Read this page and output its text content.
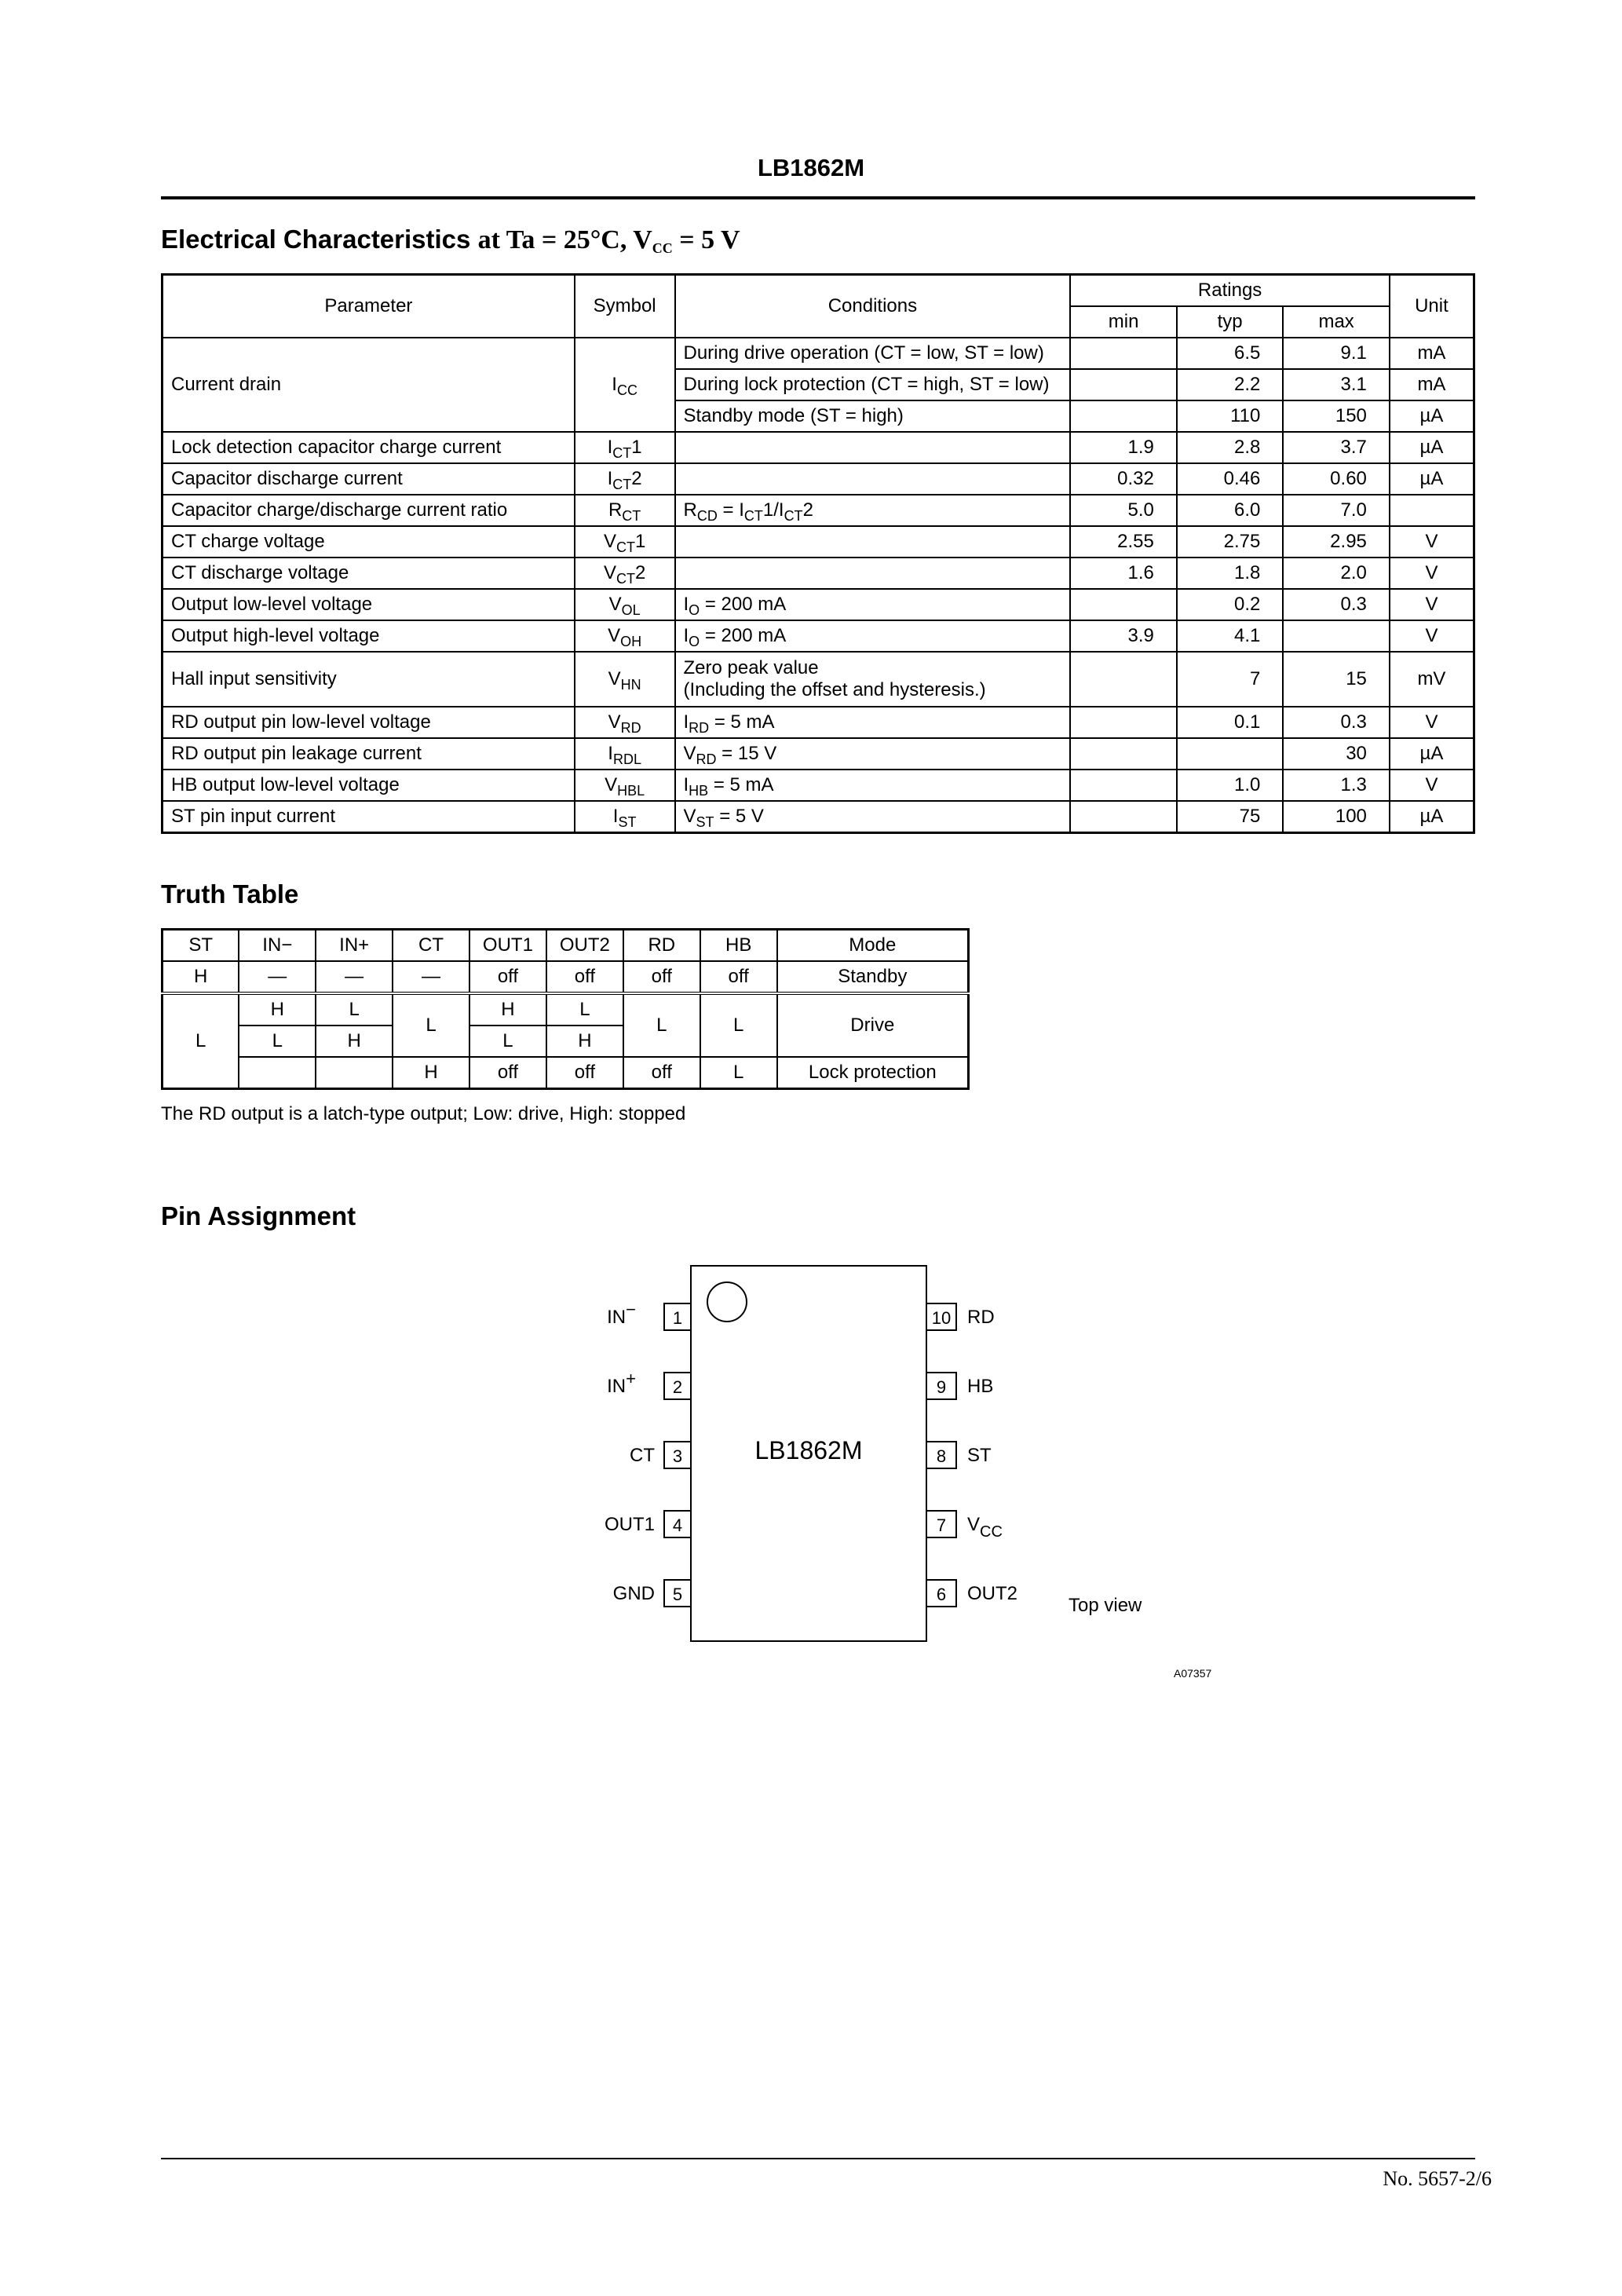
LB1862M
Electrical Characteristics at Ta = 25°C, $V_{CC} = 5$ V
Parameter	Symbol	Conditions	Ratings			Unit
			min	typ	max	
Current drain	$I_{CC}$	During drive operation (CT = low, ST = low)		6.5	9.1	mA
		During lock protection (CT = high, ST = low)		2.2	3.1	mA
		Standby mode (ST = high)		110	150	µA
Lock detection capacitor charge current	$I_{CT}1$		1.9	2.8	3.7	µA
Capacitor discharge current	$I_{CT}2$		0.32	0.46	0.60	µA
Capacitor charge/discharge current ratio	$R_{CT}$	$R_{CD} = I_{CT}1/I_{CT}2$	5.0	6.0	7.0	
CT charge voltage	$V_{CT}1$		2.55	2.75	2.95	V
CT discharge voltage	$V_{CT}2$		1.6	1.8	2.0	V
Output low-level voltage	$V_{OL}$	$I_O = 200$ mA		0.2	0.3	V
Output high-level voltage	$V_{OH}$	$I_O = 200$ mA	3.9	4.1		V
Hall input sensitivity	$V_{HN}$	Zero peak value
(Including the offset and hysteresis.)		7	15	mV
RD output pin low-level voltage	$V_{RD}$	$I_{RD} = 5$ mA		0.1	0.3	V
RD output pin leakage current	$I_{RDL}$	$V_{RD} = 15$ V			30	µA
HB output low-level voltage	$V_{HBL}$	$I_{HB} = 5$ mA		1.0	1.3	V
ST pin input current	$I_{ST}$	$V_{ST} = 5$ V		75	100	µA
Truth Table
ST	IN−	IN+	CT	OUT1	OUT2	RD	HB	Mode
H	—	—	—	off	off	off	off	Standby
L	H	L	L	H	L	L	L	Drive
	L	H		L	H			
			H	off	off	off	L	Lock protection
The RD output is a latch-type output; Low: drive, High: stopped
Pin Assignment
LB1862M
1
IN−
2
IN+
3
CT
4
OUT1
5
GND
10 RD
9 HB
8 ST
7 $V_{CC}$
6 OUT2
Top view
A07357
No. 5657-2/6
